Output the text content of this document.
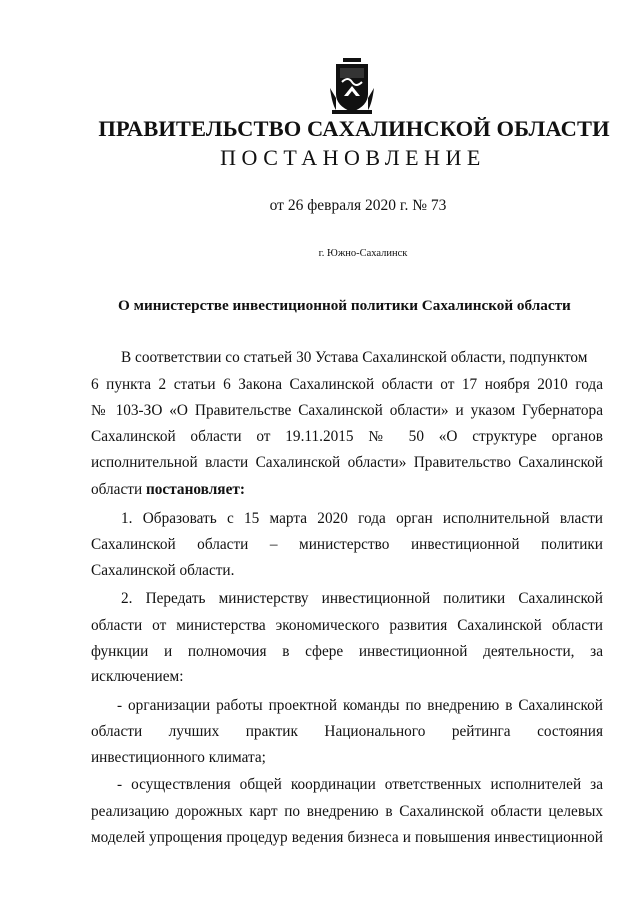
ПРАВИТЕЛЬСТВО САХАЛИНСКОЙ ОБЛАСТИ
ПОСТАНОВЛЕНИЕ
от 26 февраля 2020 г. № 73
г. Южно-Сахалинск
О министерстве инвестиционной политики Сахалинской области
В соответствии со статьей 30 Устава Сахалинской области, подпунктом
6 пункта 2 статьи 6 Закона Сахалинской области от 17 ноября 2010 года
№ 103-ЗО «О Правительстве Сахалинской области» и указом Губернатора
Сахалинской области от 19.11.2015 № 50 «О структуре органов
исполнительной власти Сахалинской области» Правительство Сахалинской
области постановляет:
1. Образовать с 15 марта 2020 года орган исполнительной власти
Сахалинской области – министерство инвестиционной политики
Сахалинской области.
2. Передать министерству инвестиционной политики Сахалинской
области от министерства экономического развития Сахалинской области
функции и полномочия в сфере инвестиционной деятельности, за
исключением:
- организации работы проектной команды по внедрению в Сахалинской
области лучших практик Национального рейтинга состояния
инвестиционного климата;
- осуществления общей координации ответственных исполнителей за
реализацию дорожных карт по внедрению в Сахалинской области целевых
моделей упрощения процедур ведения бизнеса и повышения инвестиционной
